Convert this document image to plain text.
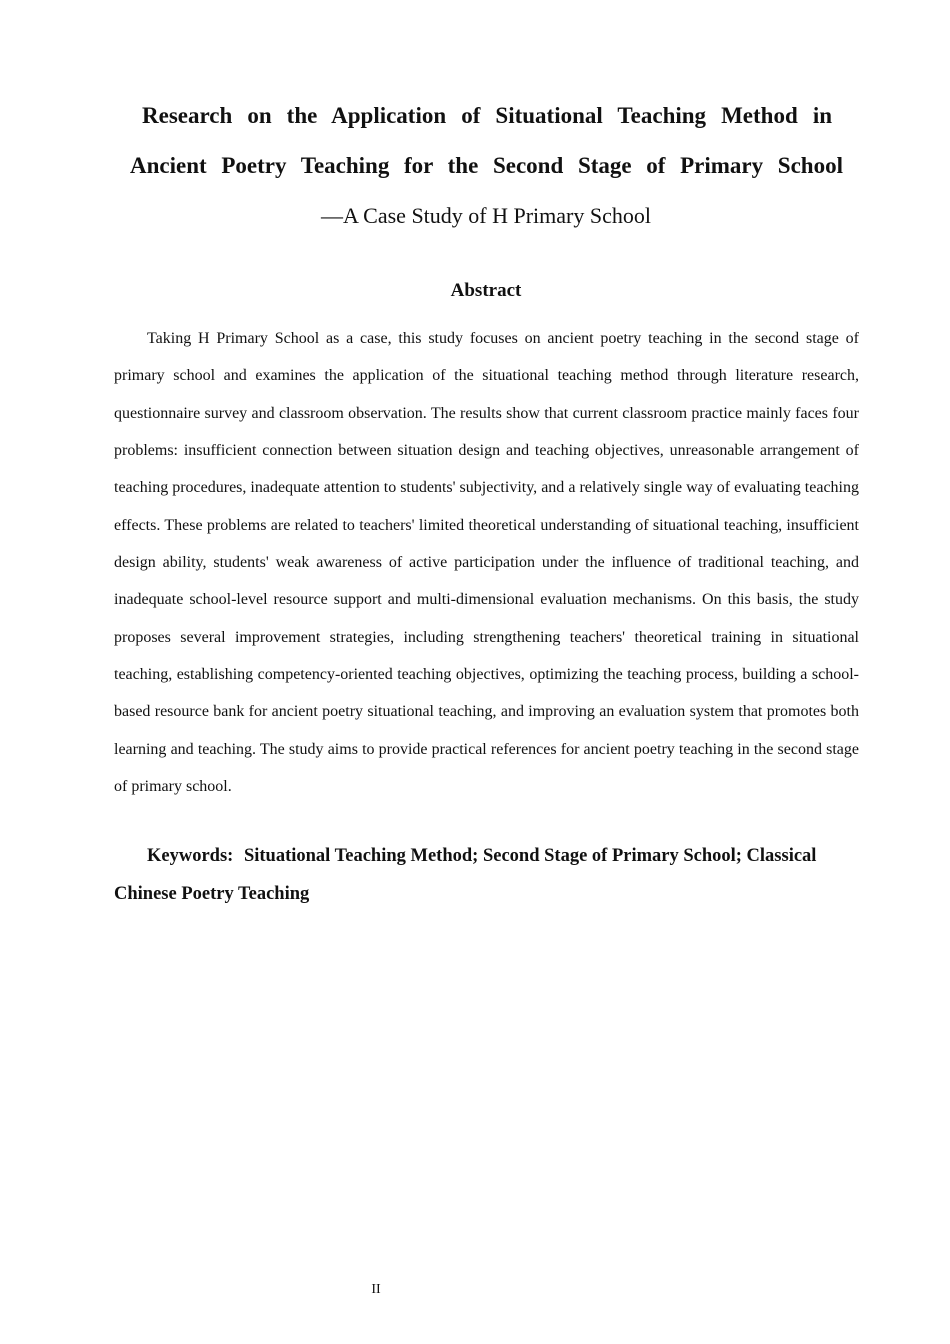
Research on the Application of Situational Teaching Method in
Ancient Poetry Teaching for the Second Stage of Primary School

—A Case Study of H Primary School

Abstract

Taking H Primary School as a case, this study focuses on ancient poetry teaching in the second stage of primary school and examines the application of the situational teaching method through literature research, questionnaire survey and classroom observation. The results show that current classroom practice mainly faces four problems: insufficient connection between situation design and teaching objectives, unreasonable arrangement of teaching procedures, inadequate attention to students' subjectivity, and a relatively single way of evaluating teaching effects. These problems are related to teachers' limited theoretical understanding of situational teaching, insufficient design ability, students' weak awareness of active participation under the influence of traditional teaching, and inadequate school-level resource support and multi-dimensional evaluation mechanisms. On this basis, the study proposes several improvement strategies, including strengthening teachers' theoretical training in situational teaching, establishing competency-oriented teaching objectives, optimizing the teaching process, building a school-based resource bank for ancient poetry situational teaching, and improving an evaluation system that promotes both learning and teaching. The study aims to provide practical references for ancient poetry teaching in the second stage of primary school.

Keywords: Situational Teaching Method; Second Stage of Primary School; Classical Chinese Poetry Teaching

II
